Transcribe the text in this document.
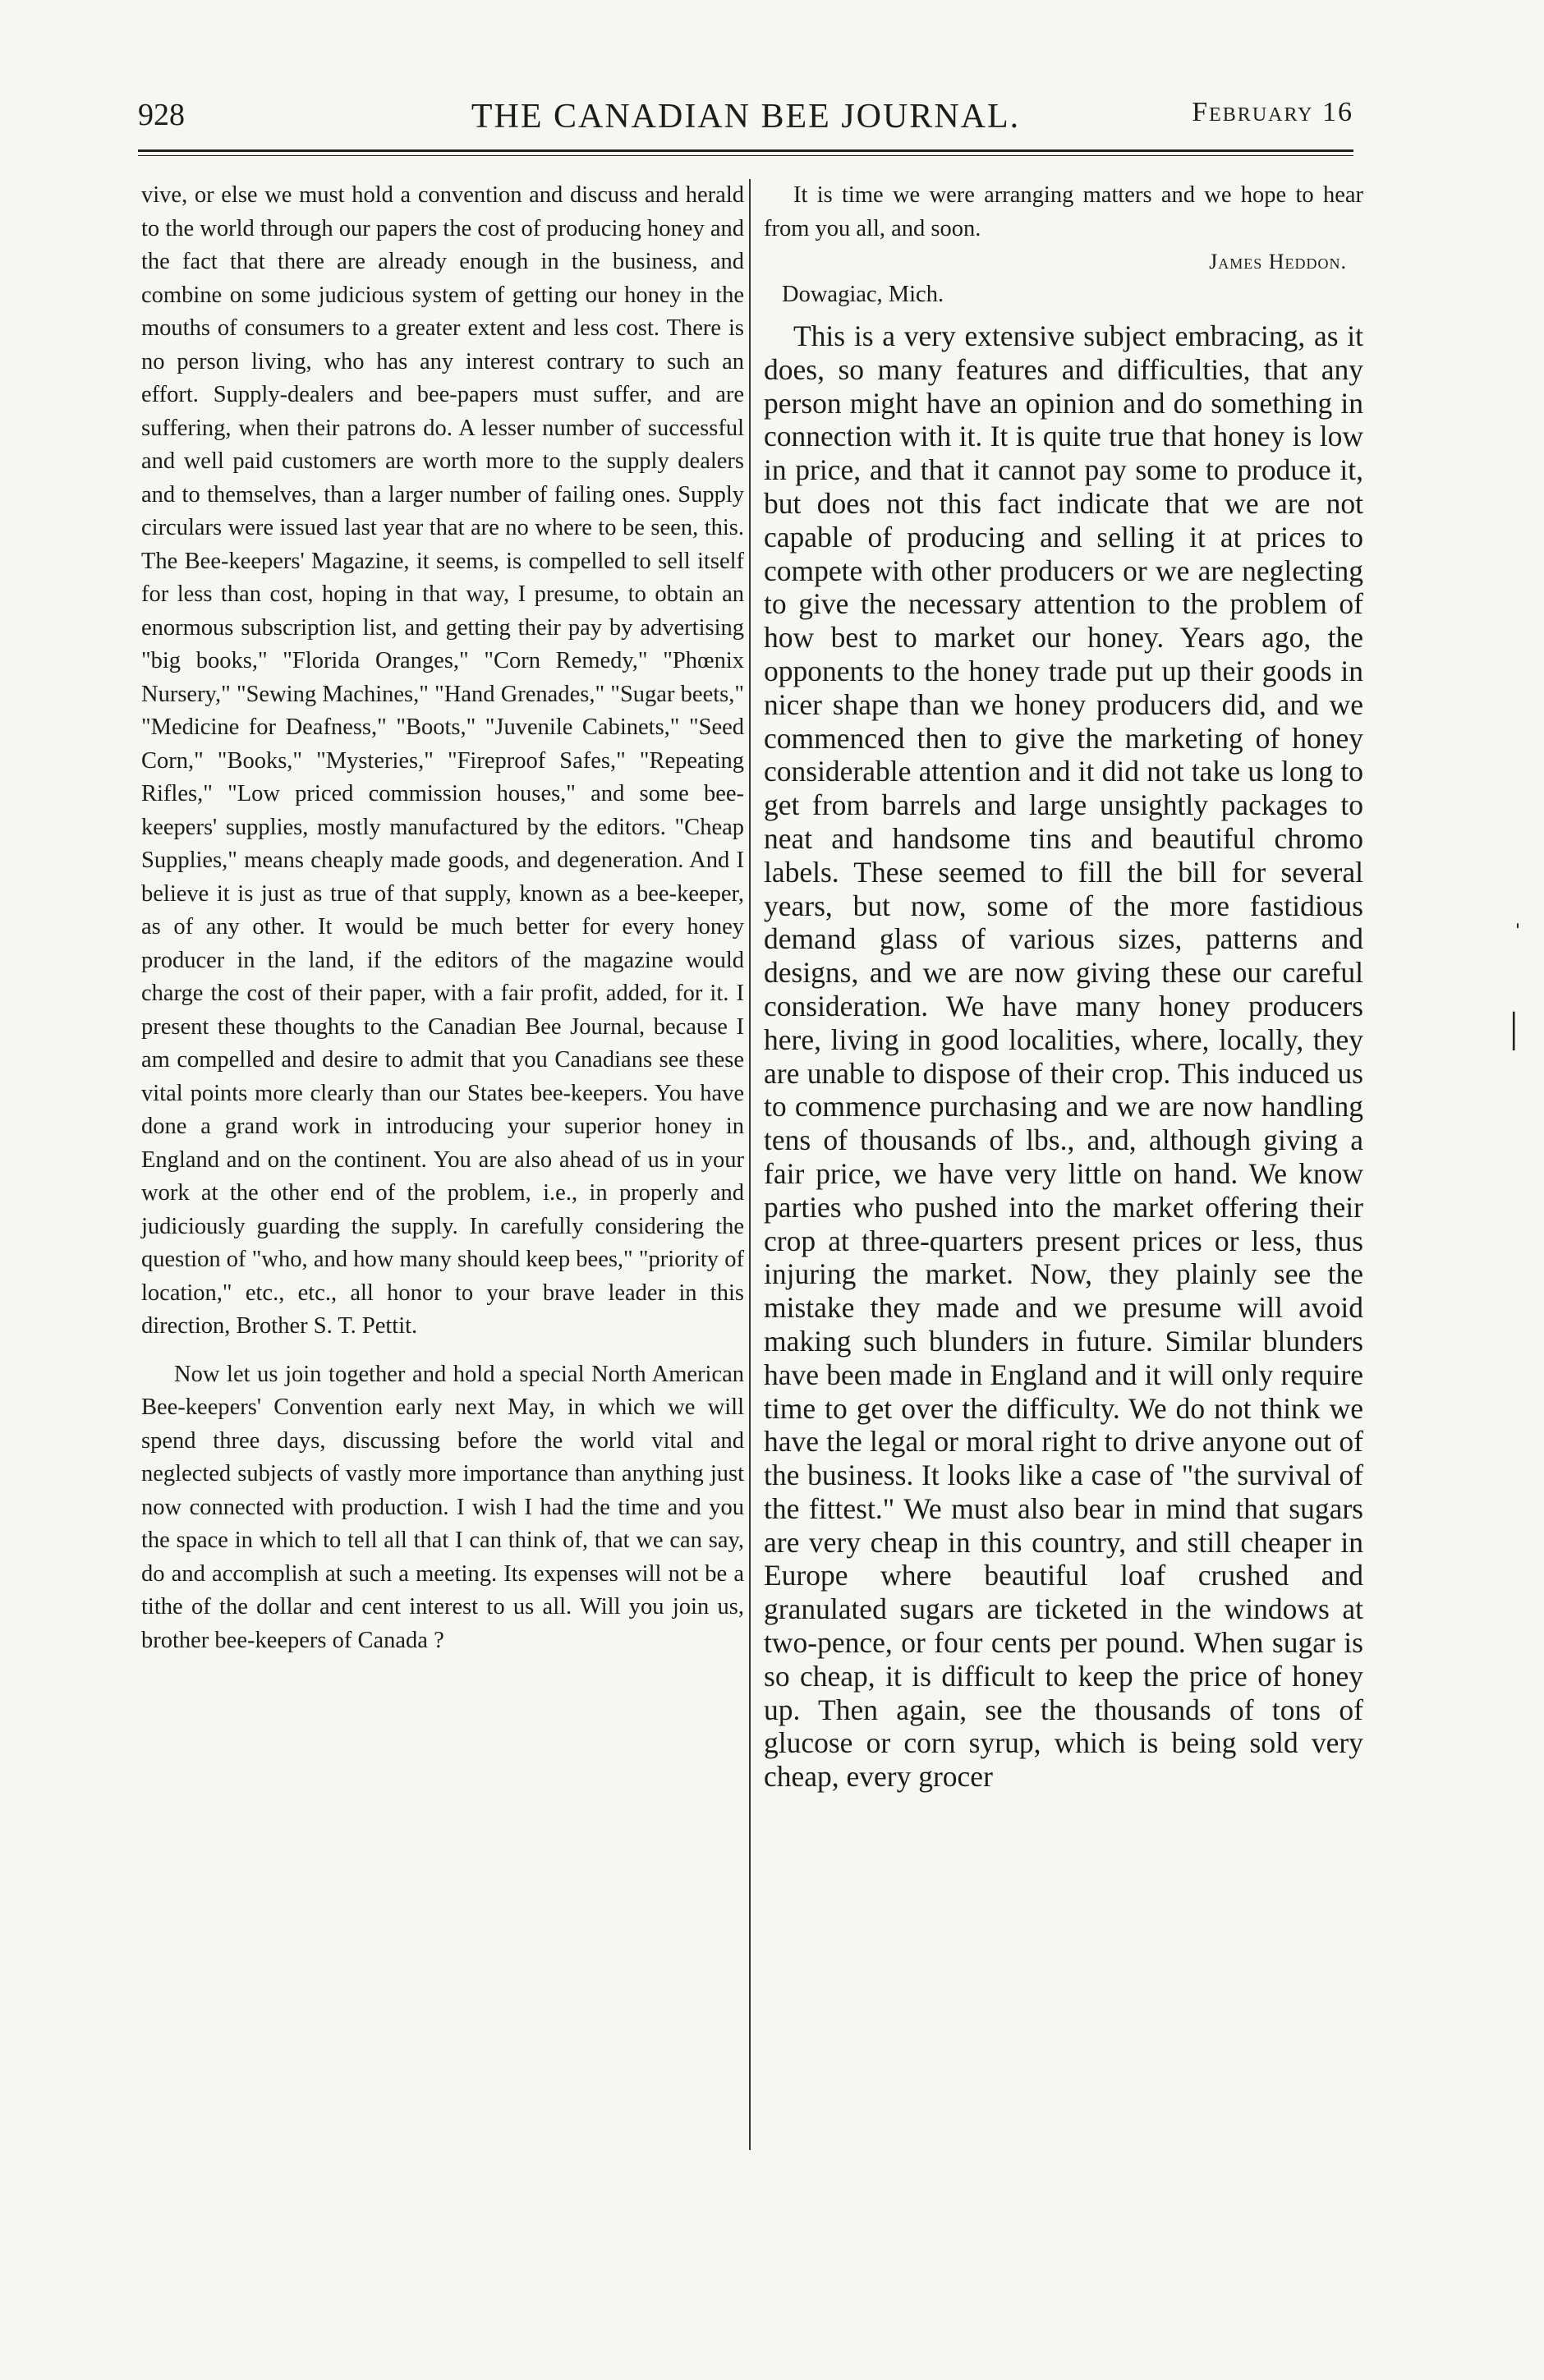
928	THE CANADIAN BEE JOURNAL.	February 16

vive, or else we must hold a convention and discuss and herald to the world through our papers the cost of producing honey and the fact that there are already enough in the business, and combine on some judicious system of getting our honey in the mouths of consumers to a greater extent and less cost. There is no person living, who has any interest contrary to such an effort. Supply-dealers and bee-papers must suffer, and are suffering, when their patrons do. A lesser number of successful and well paid customers are worth more to the supply dealers and to themselves, than a larger number of failing ones. Supply circulars were issued last year that are no where to be seen, this. The Bee-keepers' Magazine, it seems, is compelled to sell itself for less than cost, hoping in that way, I presume, to obtain an enormous subscription list, and getting their pay by advertising "big books," "Florida Oranges," "Corn Remedy," "Phœnix Nursery," "Sewing Machines," "Hand Grenades," "Sugar beets," "Medicine for Deafness," "Boots," "Juvenile Cabinets," "Seed Corn," "Books," "Mysteries," "Fireproof Safes," "Repeating Rifles," "Low priced commission houses," and some bee-keepers' supplies, mostly manufactured by the editors. "Cheap Supplies," means cheaply made goods, and degeneration. And I believe it is just as true of that supply, known as a bee-keeper, as of any other. It would be much better for every honey producer in the land, if the editors of the magazine would charge the cost of their paper, with a fair profit, added, for it. I present these thoughts to the Canadian Bee Journal, because I am compelled and desire to admit that you Canadians see these vital points more clearly than our States bee-keepers. You have done a grand work in introducing your superior honey in England and on the continent. You are also ahead of us in your work at the other end of the problem, i.e., in properly and judiciously guarding the supply. In carefully considering the question of "who, and how many should keep bees," "priority of location," etc., etc., all honor to your brave leader in this direction, Brother S. T. Pettit.

Now let us join together and hold a special North American Bee-keepers' Convention early next May, in which we will spend three days, discussing before the world vital and neglected subjects of vastly more importance than anything just now connected with production. I wish I had the time and you the space in which to tell all that I can think of, that we can say, do and accomplish at such a meeting. Its expenses will not be a tithe of the dollar and cent interest to us all. Will you join us, brother bee-keepers of Canada ?

It is time we were arranging matters and we hope to hear from you all, and soon.

James Heddon.

Dowagiac, Mich.

This is a very extensive subject embracing, as it does, so many features and difficulties, that any person might have an opinion and do something in connection with it. It is quite true that honey is low in price, and that it cannot pay some to produce it, but does not this fact indicate that we are not capable of producing and selling it at prices to compete with other producers or we are neglecting to give the necessary attention to the problem of how best to market our honey. Years ago, the opponents to the honey trade put up their goods in nicer shape than we honey producers did, and we commenced then to give the marketing of honey considerable attention and it did not take us long to get from barrels and large unsightly packages to neat and handsome tins and beautiful chromo labels. These seemed to fill the bill for several years, but now, some of the more fastidious demand glass of various sizes, patterns and designs, and we are now giving these our careful consideration. We have many honey producers here, living in good localities, where, locally, they are unable to dispose of their crop. This induced us to commence purchasing and we are now handling tens of thousands of lbs., and, although giving a fair price, we have very little on hand. We know parties who pushed into the market offering their crop at three-quarters present prices or less, thus injuring the market. Now, they plainly see the mistake they made and we presume will avoid making such blunders in future. Similar blunders have been made in England and it will only require time to get over the difficulty. We do not think we have the legal or moral right to drive anyone out of the business. It looks like a case of "the survival of the fittest." We must also bear in mind that sugars are very cheap in this country, and still cheaper in Europe where beautiful loaf crushed and granulated sugars are ticketed in the windows at two-pence, or four cents per pound. When sugar is so cheap, it is difficult to keep the price of honey up. Then again, see the thousands of tons of glucose or corn syrup, which is being sold very cheap, every grocer

ˌ
|
